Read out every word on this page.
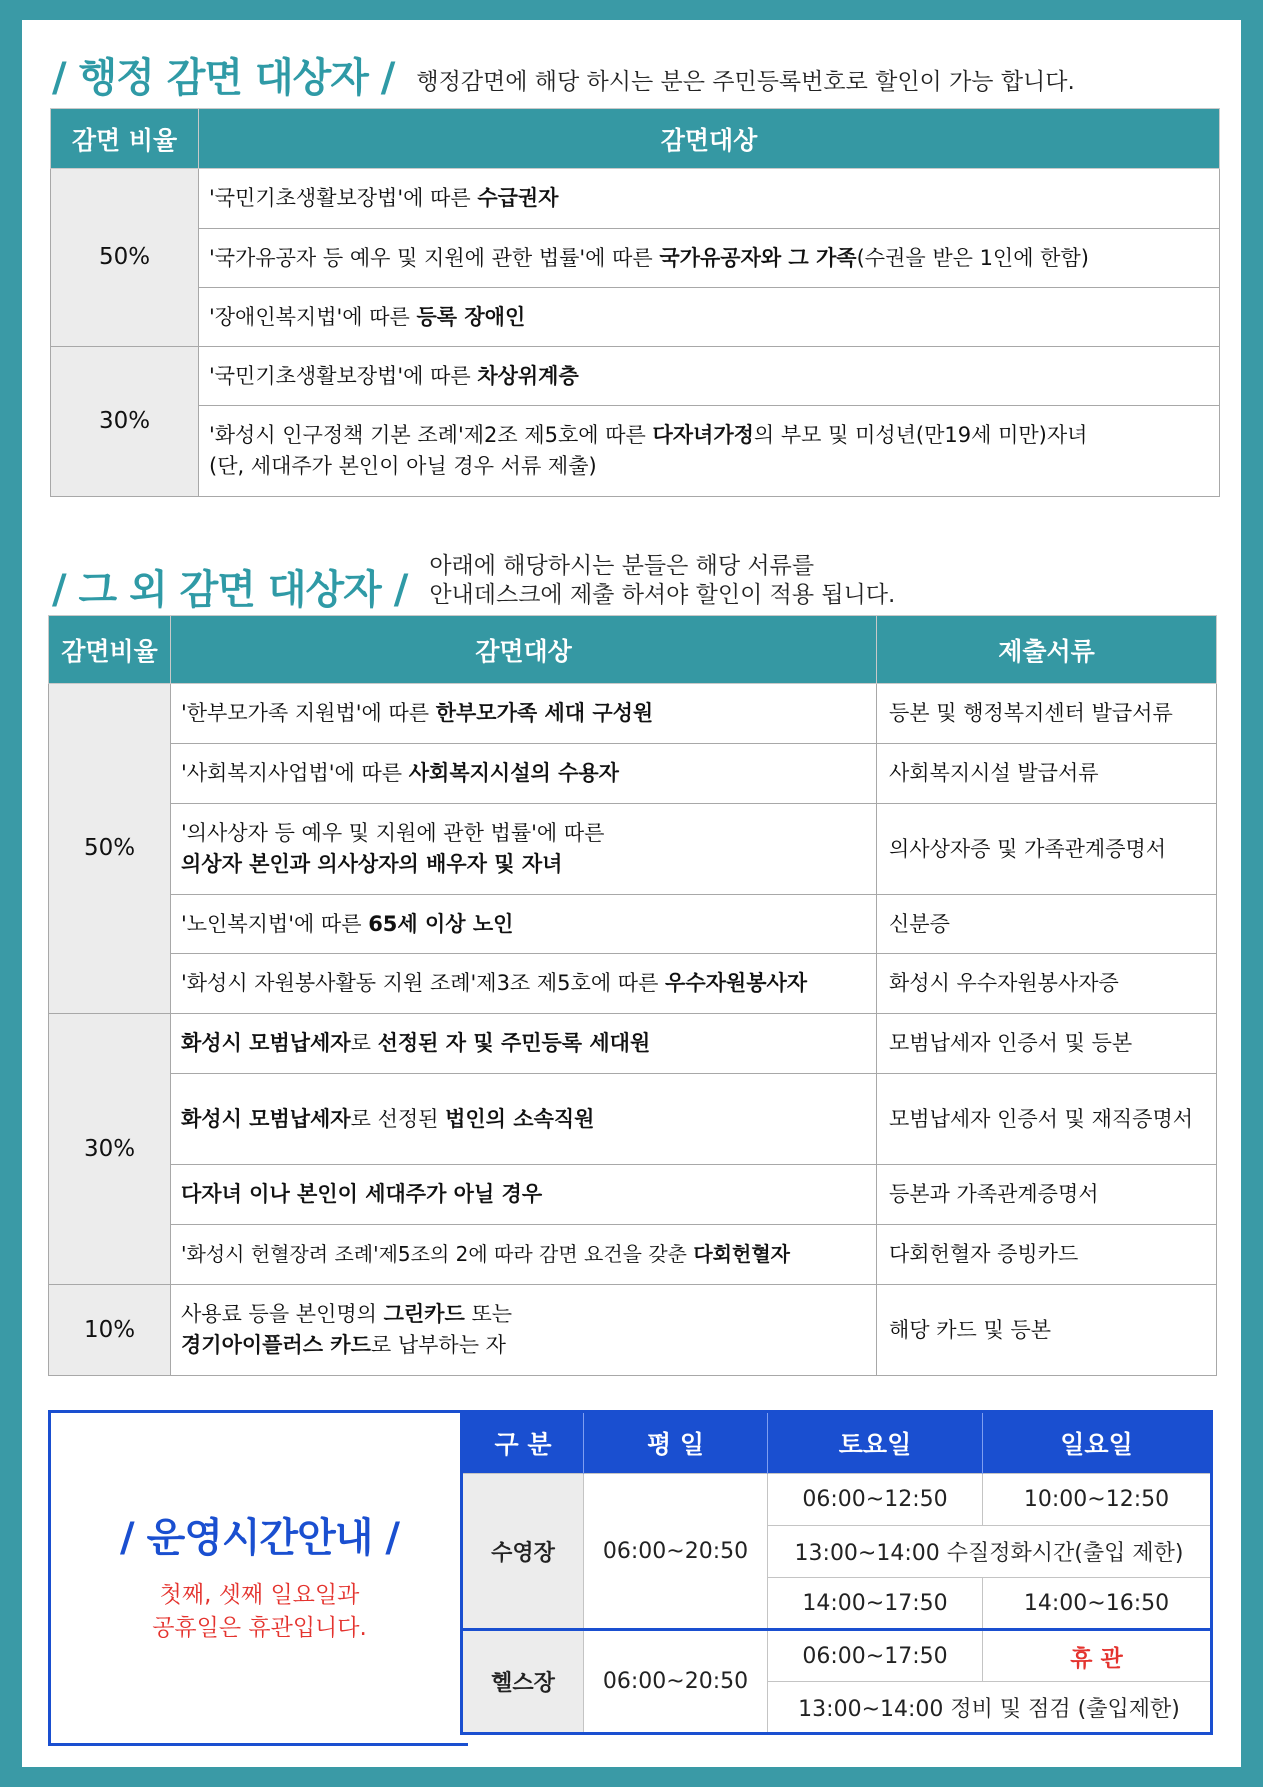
/ 행정 감면 대상자 / 행정감면에 해당 하시는 분은 주민등록번호로 할인이 가능 합니다.
감면 비율	감면대상
50%	'국민기초생활보장법'에 따른 수급권자
	'국가유공자 등 예우 및 지원에 관한 법률'에 따른 국가유공자와 그 가족(수권을 받은 1인에 한함)
	'장애인복지법'에 따른 등록 장애인
30%	'국민기초생활보장법'에 따른 차상위계층
	'화성시 인구정책 기본 조례'제2조 제5호에 따른 다자녀가정의 부모 및 미성년(만19세 미만)자녀
(단, 세대주가 본인이 아닐 경우 서류 제출)
/ 그 외 감면 대상자 /
아래에 해당하시는 분들은 해당 서류를
안내데스크에 제출 하셔야 할인이 적용 됩니다.
감면비율	감면대상	제출서류
50%	'한부모가족 지원법'에 따른 한부모가족 세대 구성원	등본 및 행정복지센터 발급서류
	'사회복지사업법'에 따른 사회복지시설의 수용자	사회복지시설 발급서류
	'의사상자 등 예우 및 지원에 관한 법률'에 따른
의상자 본인과 의사상자의 배우자 및 자녀	의사상자증 및 가족관계증명서
	'노인복지법'에 따른 65세 이상 노인	신분증
	'화성시 자원봉사활동 지원 조례'제3조 제5호에 따른 우수자원봉사자	화성시 우수자원봉사자증
30%	화성시 모범납세자로 선정된 자 및 주민등록 세대원	모범납세자 인증서 및 등본
	화성시 모범납세자로 선정된 법인의 소속직원	모범납세자 인증서 및 재직증명서
	다자녀 이나 본인이 세대주가 아닐 경우	등본과 가족관계증명서
	'화성시 헌혈장려 조례'제5조의 2에 따라 감면 요건을 갖춘 다회헌혈자	다회헌혈자 증빙카드
10%	사용료 등을 본인명의 그린카드 또는
경기아이플러스 카드로 납부하는 자	해당 카드 및 등본
/ 운영시간안내 /
첫째, 셋째 일요일과
공휴일은 휴관입니다.
구 분	평 일	토요일	일요일
수영장	06:00~20:50	06:00~12:50	10:00~12:50
		13:00~14:00 수질정화시간(출입 제한)	
		14:00~17:50	14:00~16:50
헬스장	06:00~20:50	06:00~17:50	휴 관
		13:00~14:00 정비 및 점검 (출입제한)	
